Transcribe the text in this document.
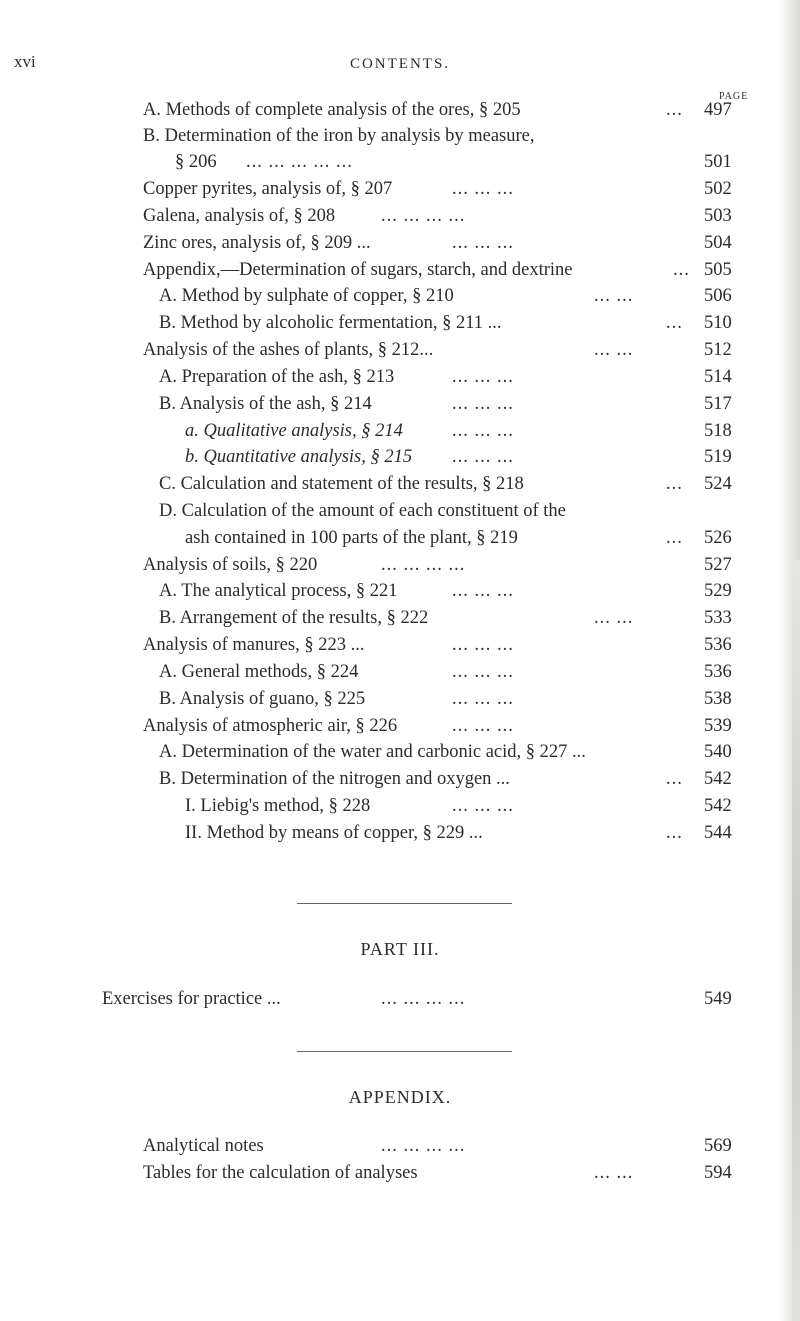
xvi	CONTENTS.
PAGE
A. Methods of complete analysis of the ores, § 205	... 497
B. Determination of the iron by analysis by measure,
§ 206 ... ... ... ... ...	501
Copper pyrites, analysis of, § 207	... ... ...	502
Galena, analysis of, § 208 ... ... ... ...	503
Zinc ores, analysis of, § 209 ...	... ... ...	504
Appendix,—Determination of sugars, starch, and dextrine	... 505
A. Method by sulphate of copper, § 210	... ...	506
B. Method by alcoholic fermentation, § 211 ...	... 510
Analysis of the ashes of plants, § 212...	... ...	512
A. Preparation of the ash, § 213	... ... ...	514
B. Analysis of the ash, § 214	... ... ...	517
a. Qualitative analysis, § 214	... ... ...	518
b. Quantitative analysis, § 215 ... ... ...	519
C. Calculation and statement of the results, § 218	... 524
D. Calculation of the amount of each constituent of the
ash contained in 100 parts of the plant, § 219	... 526
Analysis of soils, § 220	... ... ... ...	527
A. The analytical process, § 221	... ... ...	529
B. Arrangement of the results, § 222	... ...	533
Analysis of manures, § 223 ...	... ... ...	536
A. General methods, § 224	... ... ...	536
B. Analysis of guano, § 225	... ... ...	538
Analysis of atmospheric air, § 226	... ... ...	539
A. Determination of the water and carbonic acid, § 227 ...	540
B. Determination of the nitrogen and oxygen ...	... 542
I. Liebig's method, § 228	... ... ...	542
II. Method by means of copper, § 229 ...	... 544
PART III.
Exercises for practice ...	... ... ... ...	549
APPENDIX.
Analytical notes	... ... ... ...	569
Tables for the calculation of analyses	... ...	594
